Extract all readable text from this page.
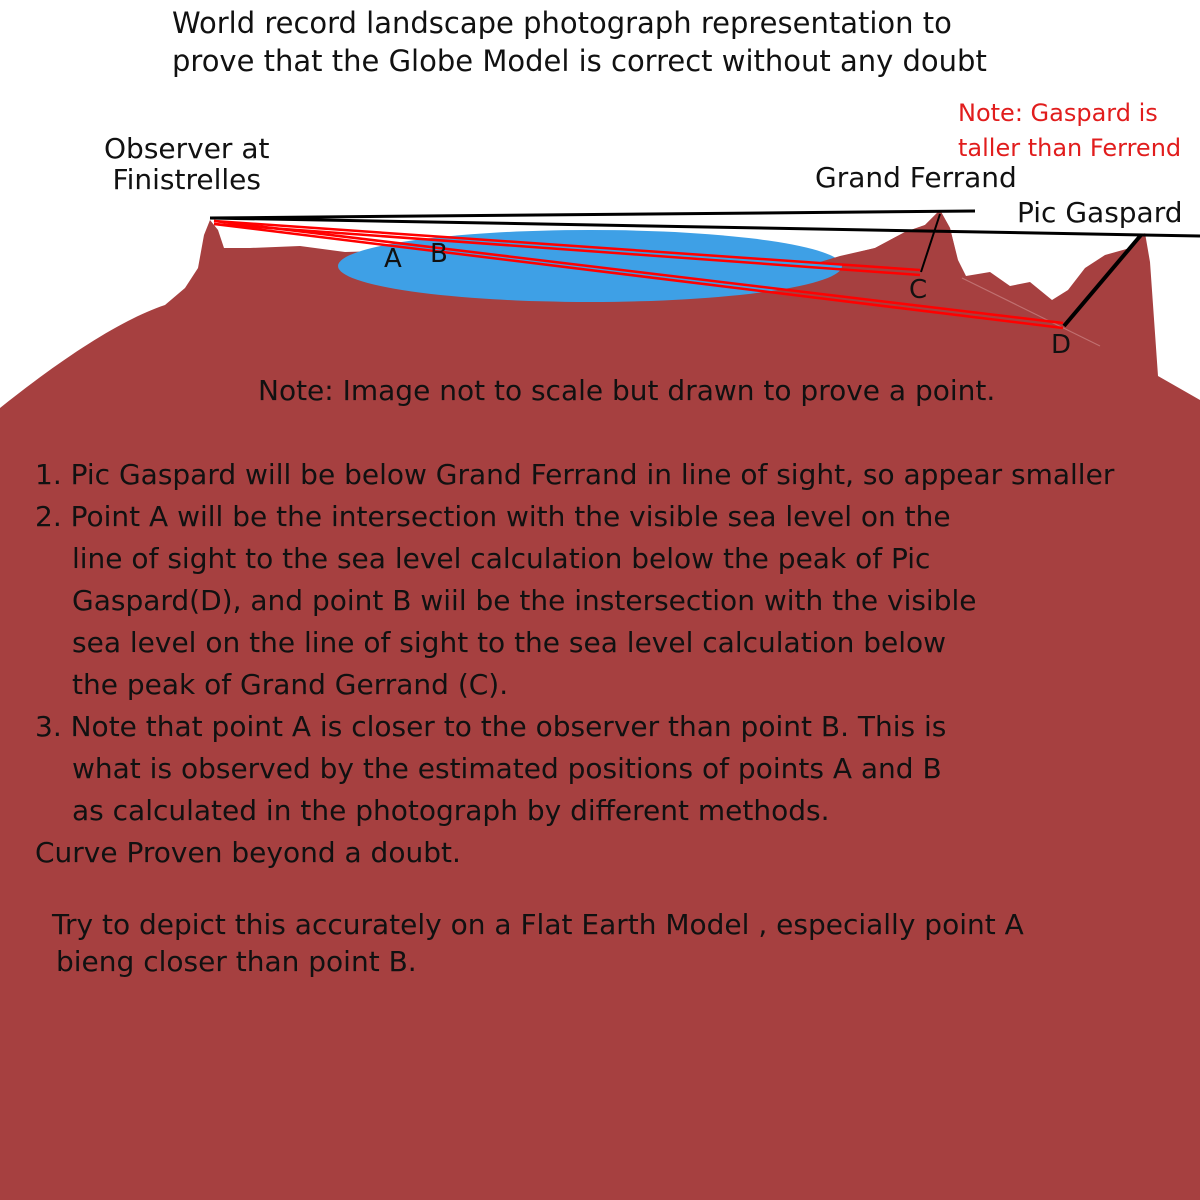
World record landscape photograph representation to
prove that the Globe Model is correct without any doubt
Note: Gaspard is
taller than Ferrend
Observer at
Finistrelles	Grand Ferrand
Pic Gaspard
A B
C
D
Note: Image not to scale but drawn to prove a point.
1. Pic Gaspard will be below Grand Ferrand in line of sight, so appear smaller
2. Point A will be the intersection with the visible sea level on the
line of sight to the sea level calculation below the peak of Pic
Gaspard(D), and point B wiil be the instersection with the visible
sea level on the line of sight to the sea level calculation below
the peak of Grand Gerrand (C).
3. Note that point A is closer to the observer than point B. This is
what is observed by the estimated positions of points A and B
as calculated in the photograph by different methods.
Curve Proven beyond a doubt.
Try to depict this accurately on a Flat Earth Model , especially point A
bieng closer than point B.
